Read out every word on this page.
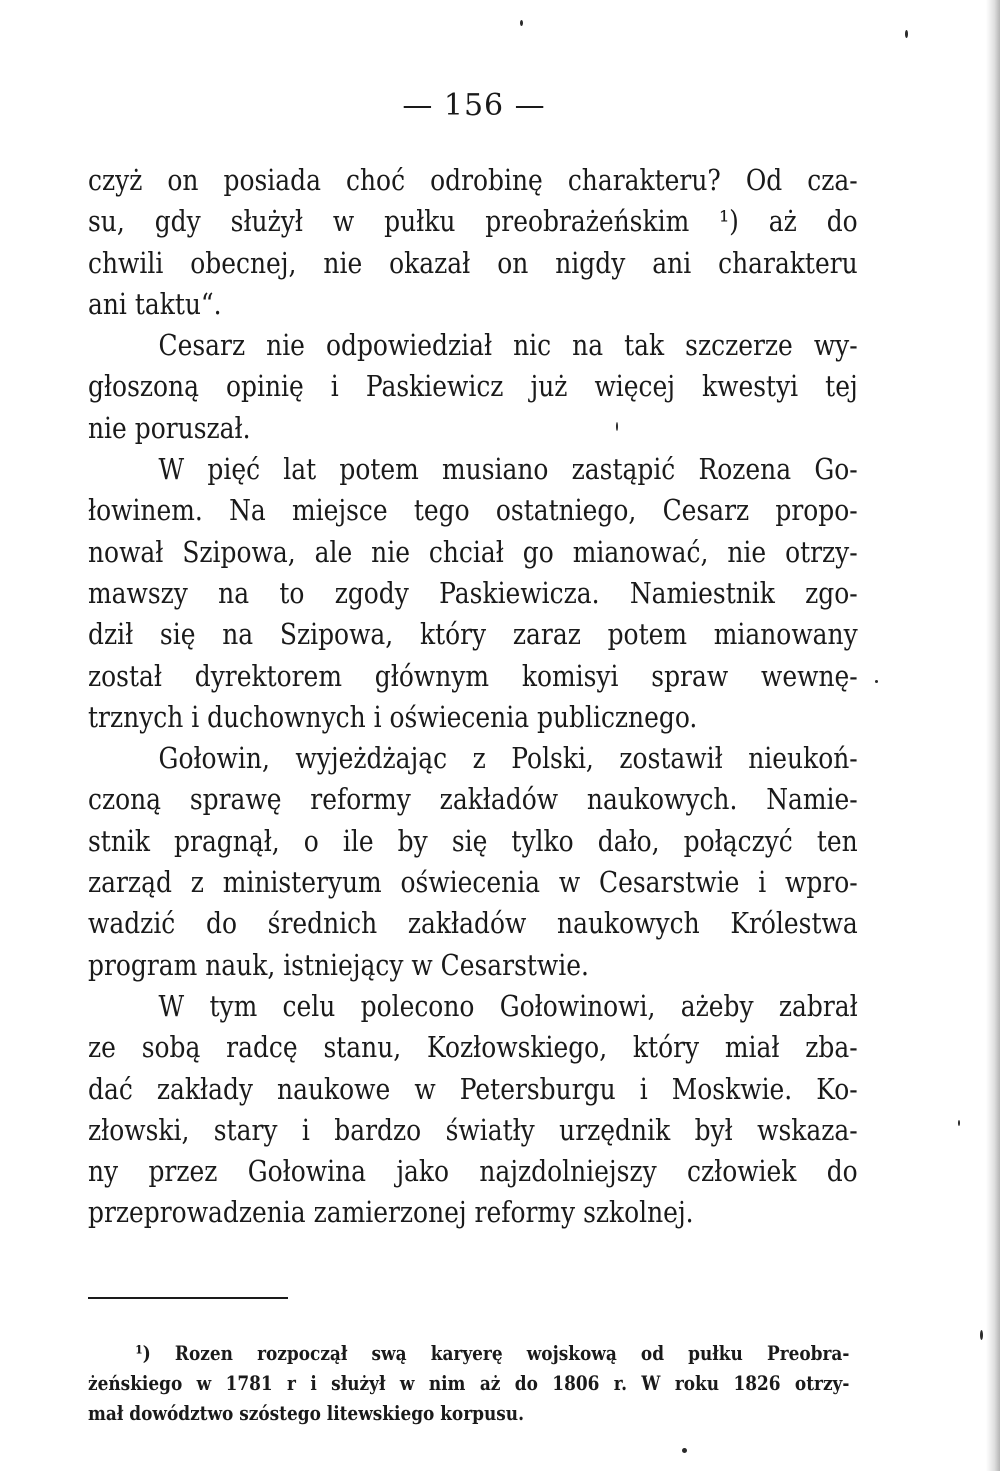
— 156 —

czyż on posiada choć odrobinę charakteru? Od cza-
su, gdy służył w pułku preobrażeńskim ¹) aż do
chwili obecnej, nie okazał on nigdy ani charakteru
ani taktu“.

Cesarz nie odpowiedział nic na tak szczerze wy-
głoszoną opinię i Paskiewicz już więcej kwestyi tej
nie poruszał.

W pięć lat potem musiano zastąpić Rozena Go-
łowinem. Na miejsce tego ostatniego, Cesarz propo-
nował Szipowa, ale nie chciał go mianować, nie otrzy-
mawszy na to zgody Paskiewicza. Namiestnik zgo-
dził się na Szipowa, który zaraz potem mianowany
został dyrektorem głównym komisyi spraw wewnę-
trznych i duchownych i oświecenia publicznego.

Gołowin, wyjeżdżając z Polski, zostawił nieukoń-
czoną sprawę reformy zakładów naukowych. Namie-
stnik pragnął, o ile by się tylko dało, połączyć ten
zarząd z ministeryum oświecenia w Cesarstwie i wpro-
wadzić do średnich zakładów naukowych Królestwa
program nauk, istniejący w Cesarstwie.

W tym celu polecono Gołowinowi, ażeby zabrał
ze sobą radcę stanu, Kozłowskiego, który miał zba-
dać zakłady naukowe w Petersburgu i Moskwie. Ko-
złowski, stary i bardzo światły urzędnik był wskaza-
ny przez Gołowina jako najzdolniejszy człowiek do
przeprowadzenia zamierzonej reformy szkolnej.

¹) Rozen rozpoczął swą karyerę wojskową od pułku Preobra-
żeńskiego w 1781 r i służył w nim aż do 1806 r. W roku 1826 otrzy-
mał dowództwo szóstego litewskiego korpusu.
